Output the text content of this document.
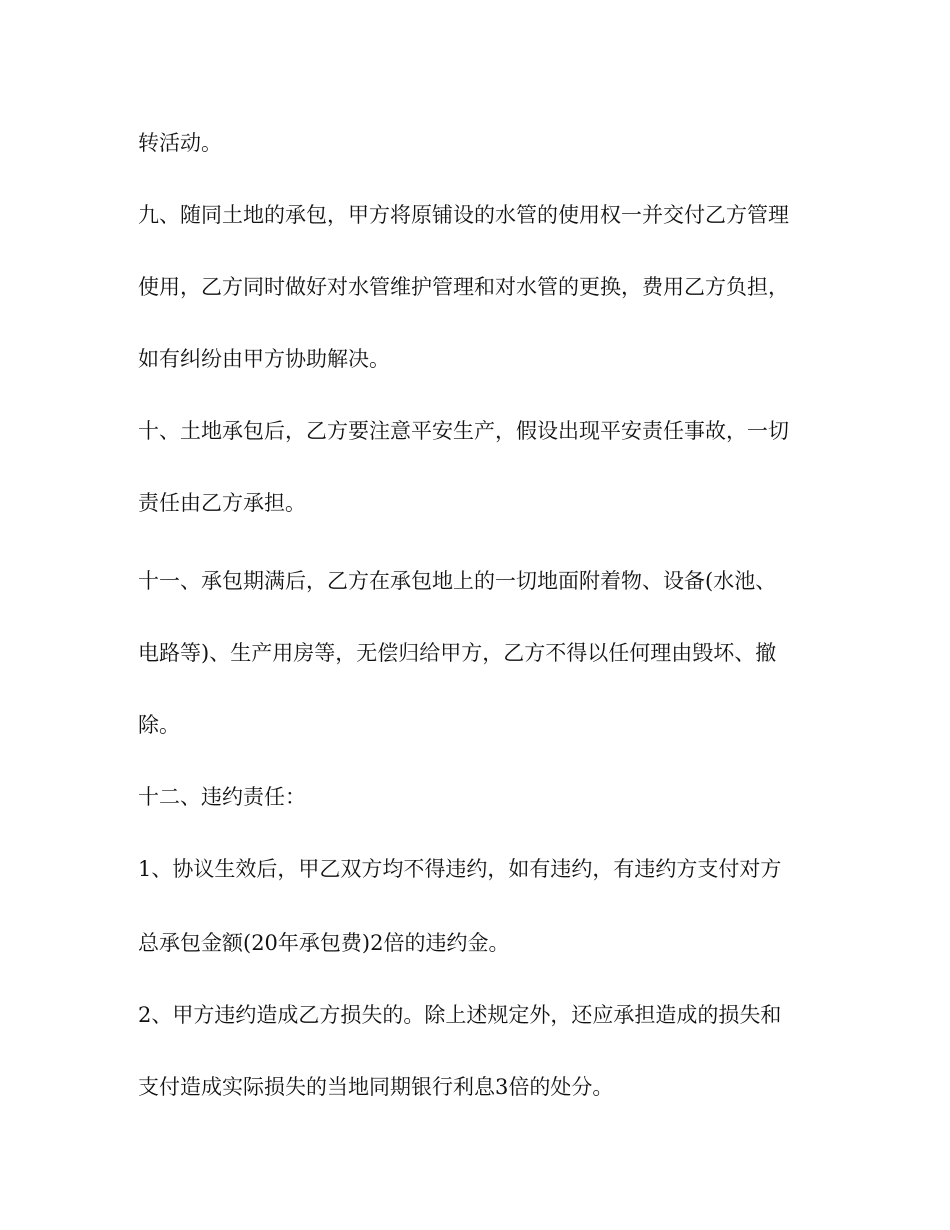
转活动。

九、随同土地的承包，甲方将原铺设的水管的使用权一并交付乙方管理

使用，乙方同时做好对水管维护管理和对水管的更换，费用乙方负担，

如有纠纷由甲方协助解决。

十、土地承包后，乙方要注意平安生产，假设出现平安责任事故，一切

责任由乙方承担。

十一、承包期满后，乙方在承包地上的一切地面附着物、设备(水池、

电路等)、生产用房等，无偿归给甲方，乙方不得以任何理由毁坏、撤

除。

十二、违约责任：

1、协议生效后，甲乙双方均不得违约，如有违约，有违约方支付对方

总承包金额(20年承包费)2倍的违约金。

2、甲方违约造成乙方损失的。除上述规定外，还应承担造成的损失和

支付造成实际损失的当地同期银行利息3倍的处分。
